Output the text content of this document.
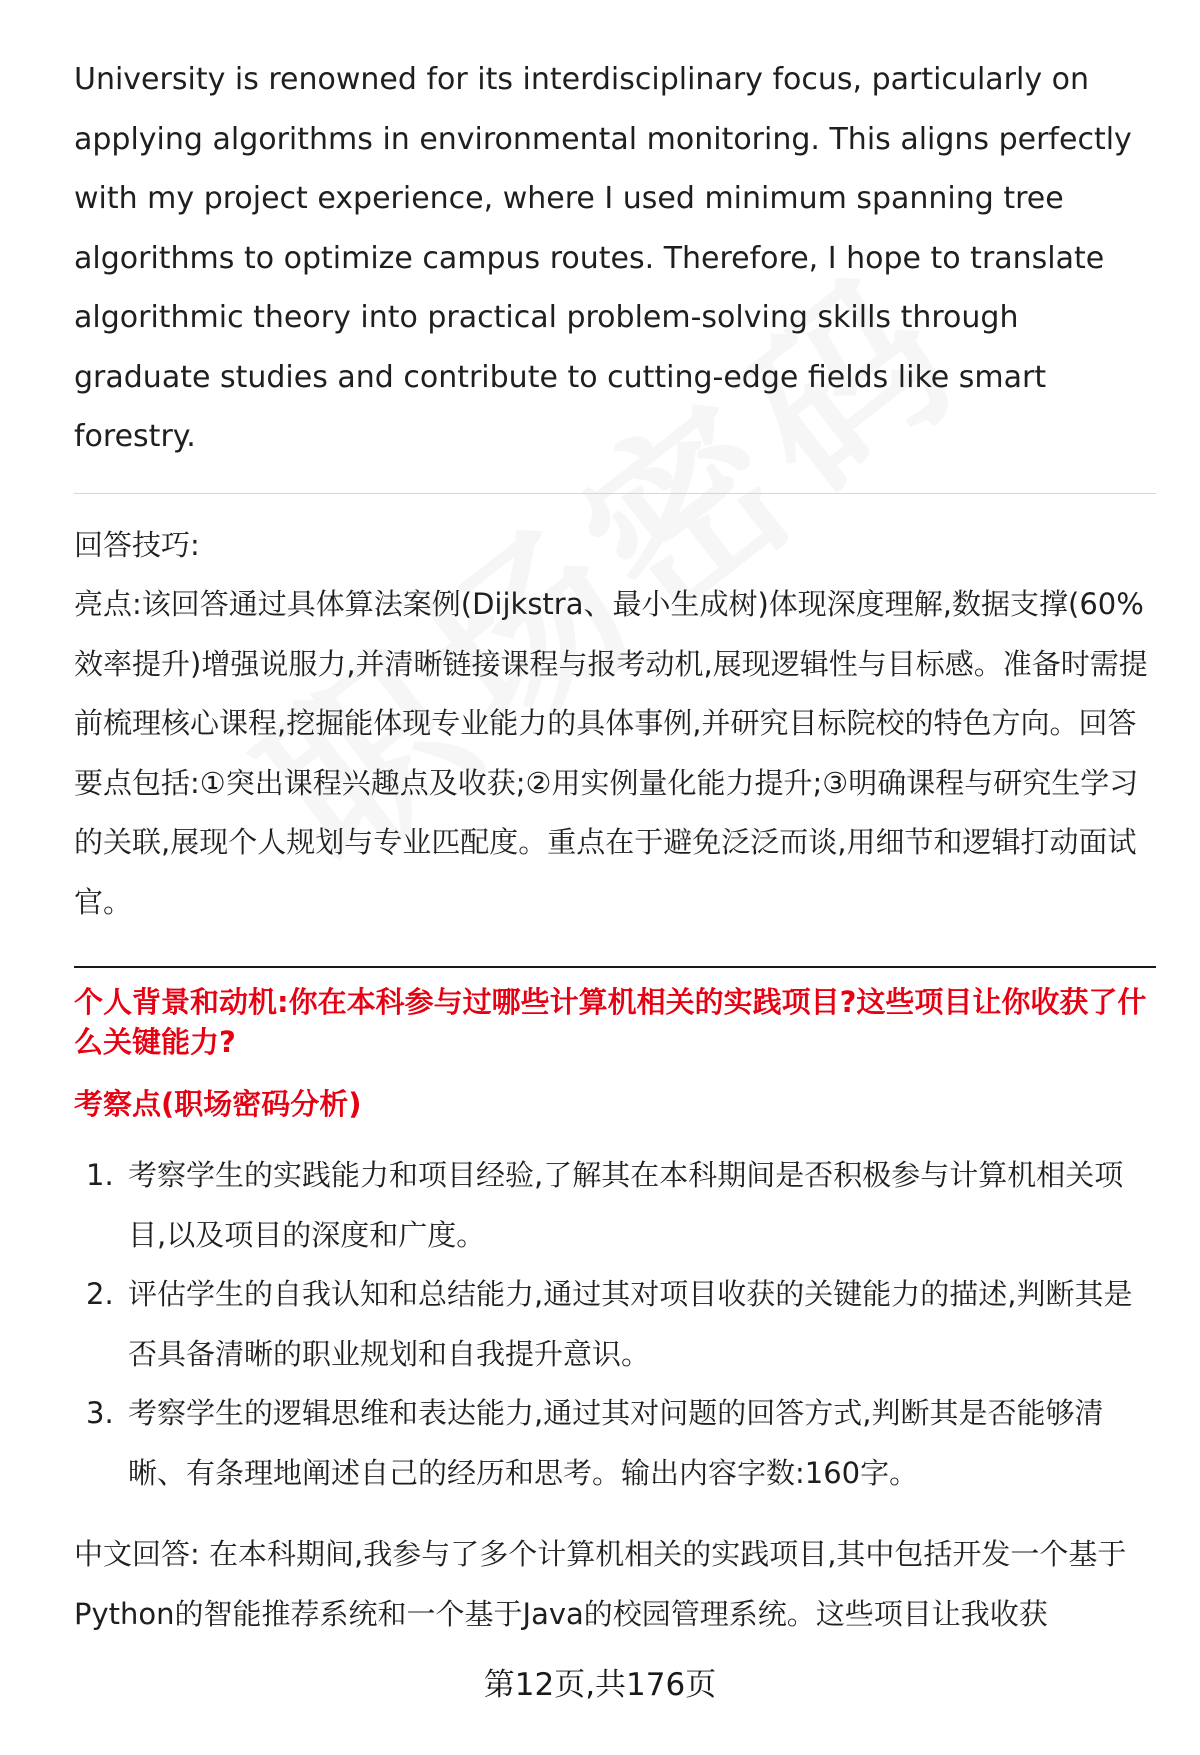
University is renowned for its interdisciplinary focus, particularly on applying algorithms in environmental monitoring. This aligns perfectly with my project experience, where I used minimum spanning tree algorithms to optimize campus routes. Therefore, I hope to translate algorithmic theory into practical problem-solving skills through graduate studies and contribute to cutting-edge fields like smart forestry.

回答技巧:

亮点:该回答通过具体算法案例(Dijkstra、最小生成树)体现深度理解,数据支撑(60%效率提升)增强说服力,并清晰链接课程与报考动机,展现逻辑性与目标感。准备时需提前梳理核心课程,挖掘能体现专业能力的具体事例,并研究目标院校的特色方向。回答要点包括:①突出课程兴趣点及收获;②用实例量化能力提升;③明确课程与研究生学习的关联,展现个人规划与专业匹配度。重点在于避免泛泛而谈,用细节和逻辑打动面试官。

个人背景和动机:你在本科参与过哪些计算机相关的实践项目?这些项目让你收获了什么关键能力?

考察点(职场密码分析)

1. 考察学生的实践能力和项目经验,了解其在本科期间是否积极参与计算机相关项目,以及项目的深度和广度。
2. 评估学生的自我认知和总结能力,通过其对项目收获的关键能力的描述,判断其是否具备清晰的职业规划和自我提升意识。
3. 考察学生的逻辑思维和表达能力,通过其对问题的回答方式,判断其是否能够清晰、有条理地阐述自己的经历和思考。输出内容字数:160字。

中文回答: 在本科期间,我参与了多个计算机相关的实践项目,其中包括开发一个基于Python的智能推荐系统和一个基于Java的校园管理系统。这些项目让我收获

第12页,共176页
